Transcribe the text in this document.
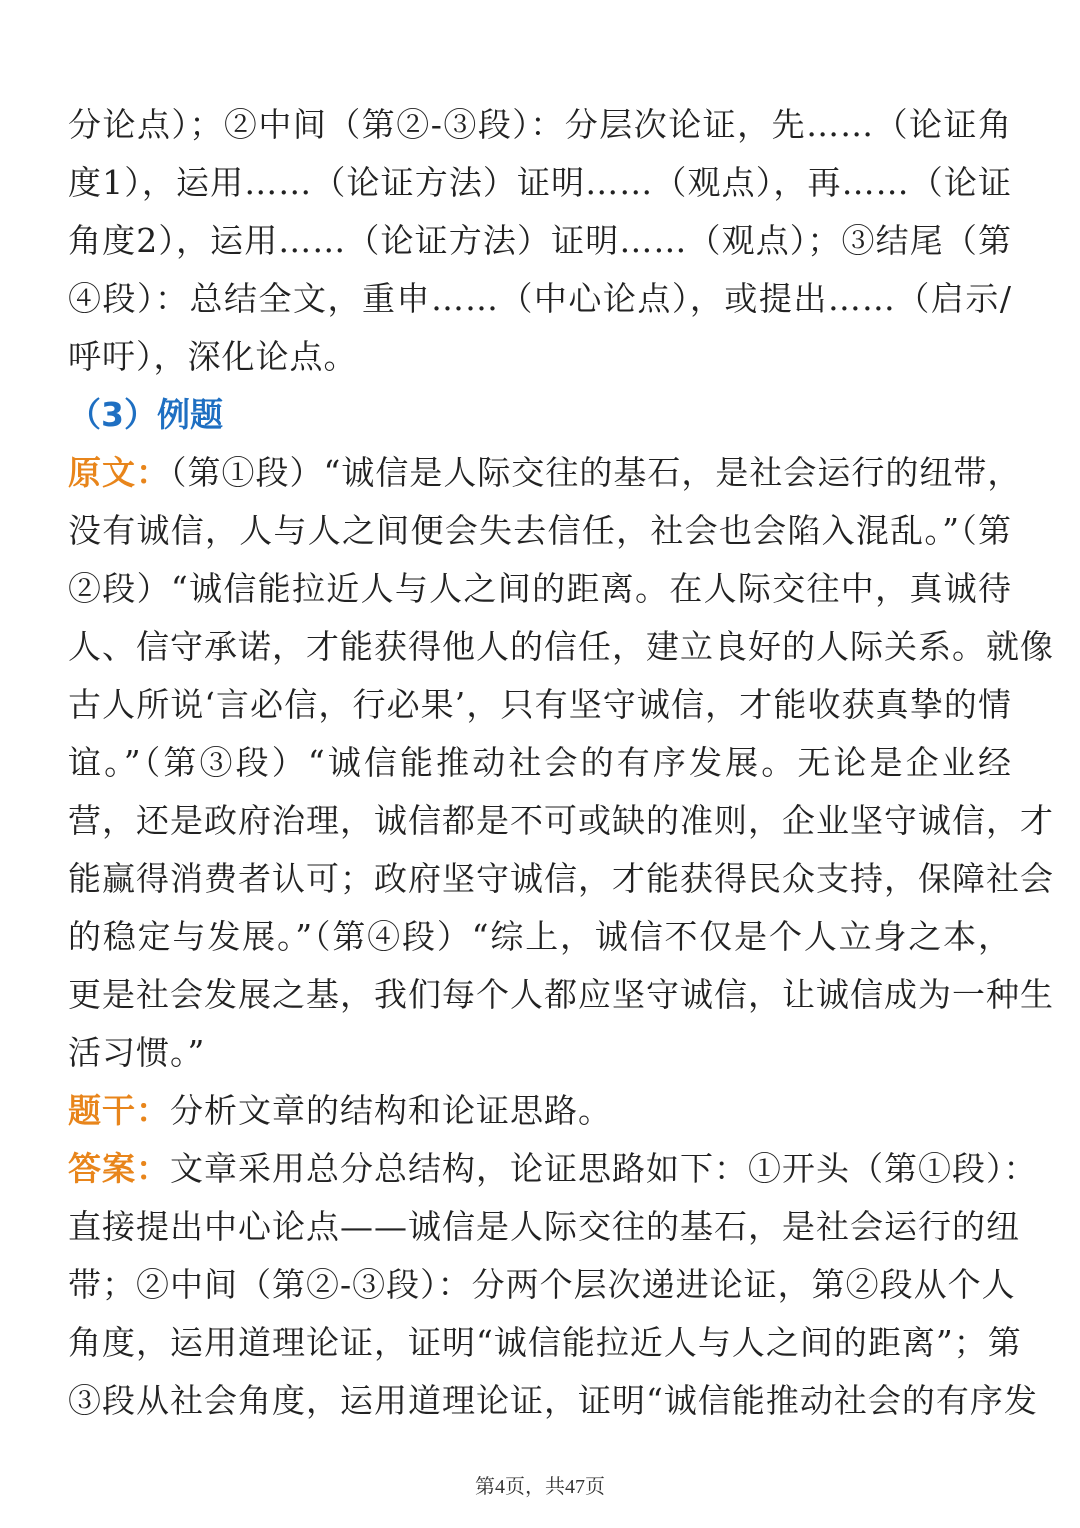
分论点）；②中间（第②-③段）：分层次论证，先……（论证角
度1），运用……（论证方法）证明……（观点），再……（论证
角度2），运用……（论证方法）证明……（观点）；③结尾（第
④段）：总结全文，重申……（中心论点），或提出……（启示/
呼吁），深化论点。
（3）例题
原文：（第①段）“诚信是人际交往的基石，是社会运行的纽带，
没有诚信，人与人之间便会失去信任，社会也会陷入混乱。”（第
②段）“诚信能拉近人与人之间的距离。在人际交往中，真诚待
人、信守承诺，才能获得他人的信任，建立良好的人际关系。就像
古人所说‘言必信，行必果’，只有坚守诚信，才能收获真挚的情
谊。”（第③段）“诚信能推动社会的有序发展。无论是企业经
营，还是政府治理，诚信都是不可或缺的准则，企业坚守诚信，才
能赢得消费者认可；政府坚守诚信，才能获得民众支持，保障社会
的稳定与发展。”（第④段）“综上，诚信不仅是个人立身之本，
更是社会发展之基，我们每个人都应坚守诚信，让诚信成为一种生
活习惯。”
题干：分析文章的结构和论证思路。
答案：文章采用总分总结构，论证思路如下：①开头（第①段）：
直接提出中心论点——诚信是人际交往的基石，是社会运行的纽
带；②中间（第②-③段）：分两个层次递进论证，第②段从个人
角度，运用道理论证，证明“诚信能拉近人与人之间的距离”；第
③段从社会角度，运用道理论证，证明“诚信能推动社会的有序发
第4页，共47页
